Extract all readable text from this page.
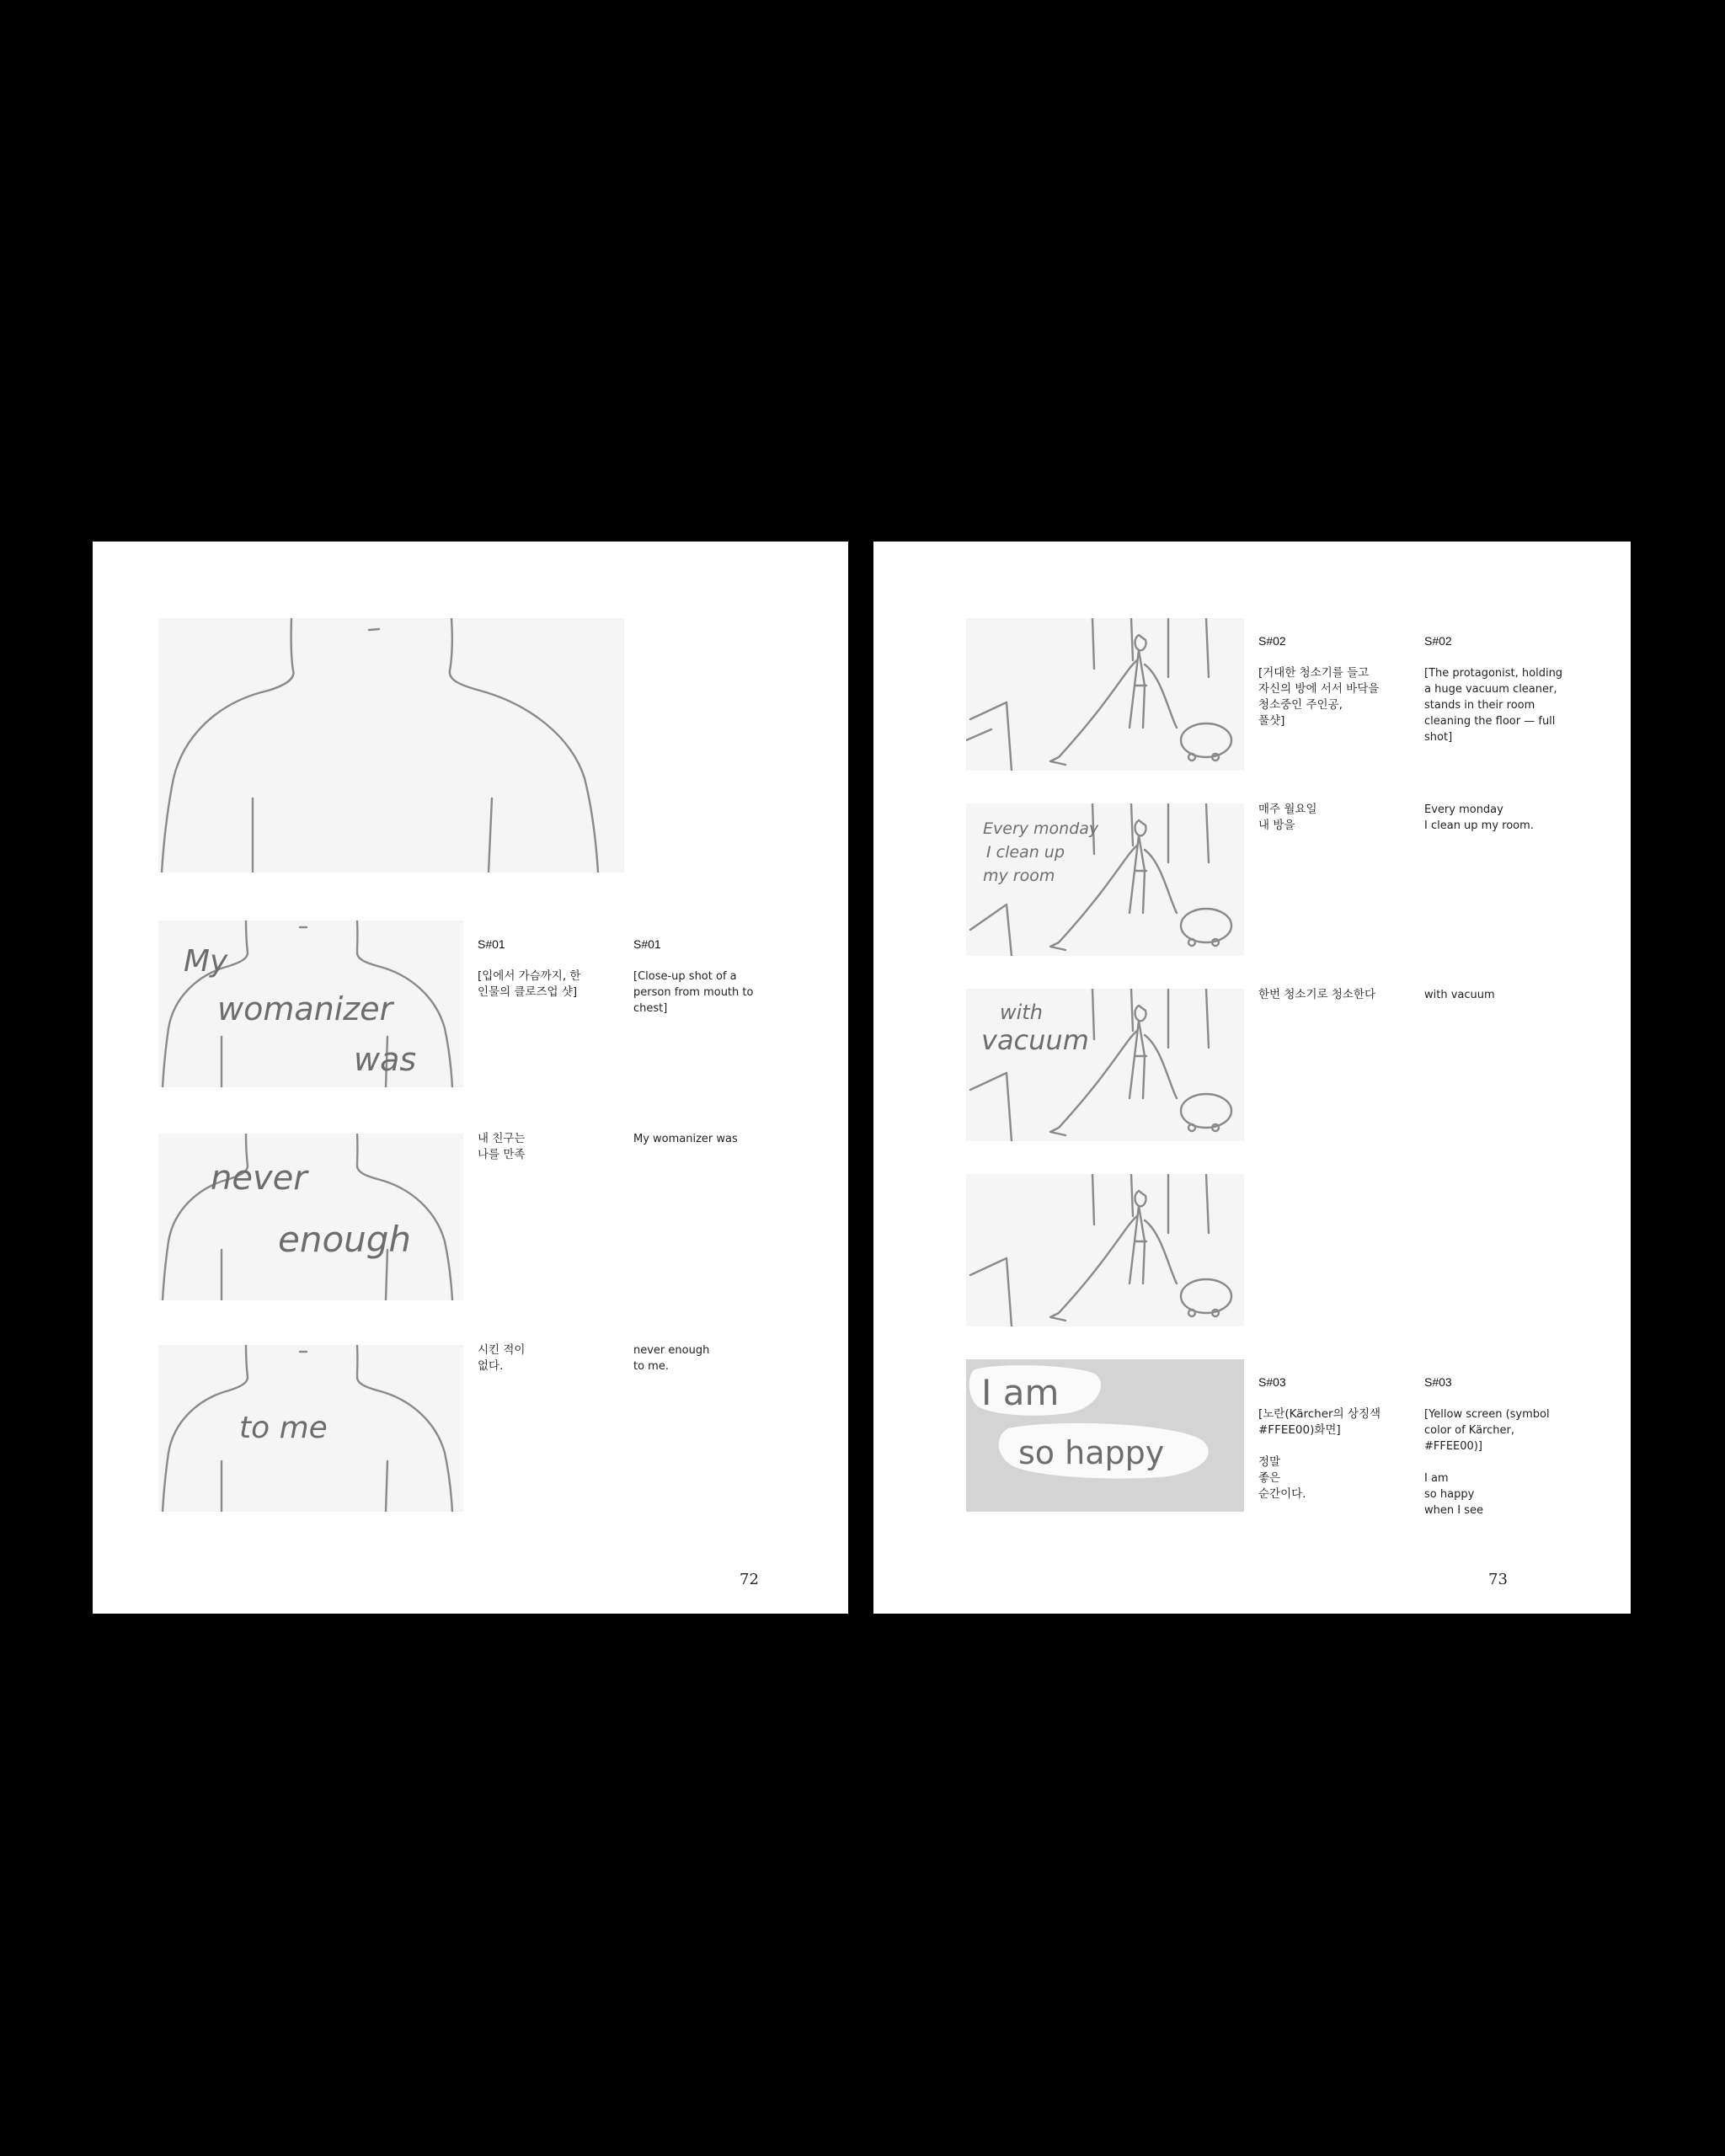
My
womanizer
was
never
enough
to me

S#01

[입에서 가슴까지, 한
인물의 클로즈업 샷]

S#01

[Close-up shot of a
person from mouth to
chest]

내 친구는
나를 만족
My womanizer was
시킨 적이
없다.
never enough
to me.
72
Every monday
I clean up
my room
with
vacuum
I am
so happy

S#02

[거대한 청소기를 들고
자신의 방에 서서 바닥을
청소중인 주인공,
풀샷]

S#02

[The protagonist, holding
a huge vacuum cleaner,
stands in their room
cleaning the floor — full
shot]

매주 월요일
내 방을
Every monday
I clean up my room.
한번 청소기로 청소한다	with vacuum

S#03

[노란(Kärcher의 상징색
#FFEE00)화면]

정말
좋은
순간이다.

S#03

[Yellow screen (symbol
color of Kärcher,
#FFEE00)]

I am
so happy
when I see

73
